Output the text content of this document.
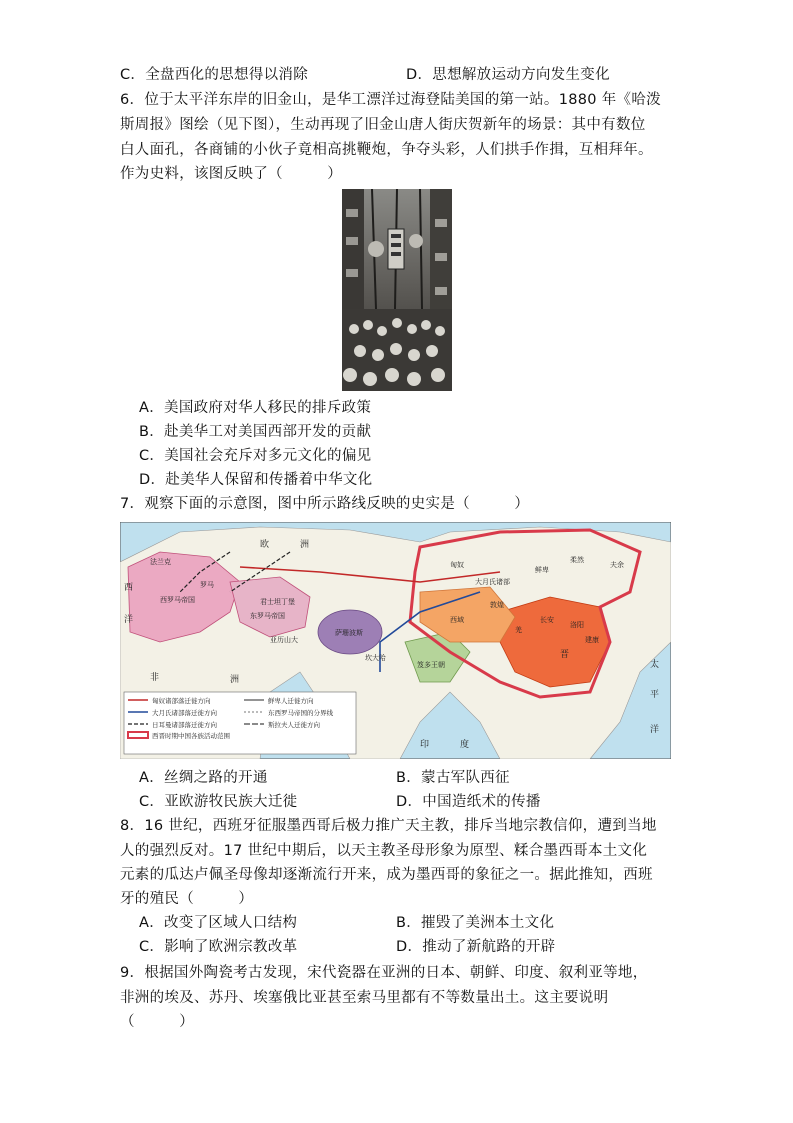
C．全盘西化的思想得以消除	D．思想解放运动方向发生变化
6．位于太平洋东岸的旧金山，是华工漂洋过海登陆美国的第一站。1880 年《哈泼
斯周报》图绘（见下图），生动再现了旧金山唐人街庆贺新年的场景：其中有数位
白人面孔，各商铺的小伙子竟相高挑鞭炮，争夺头彩，人们拱手作揖，互相拜年。
作为史料，该图反映了（　　　）
A．美国政府对华人移民的排斥政策
B．赴美华工对美国西部开发的贡献
C．美国社会充斥对多元文化的偏见
D．赴美华人保留和传播着中华文化
7．观察下面的示意图，图中所示路线反映的史实是（　　　）
欧	洲
非	洲
西
洋
法兰克
西罗马帝国
罗马
君士坦丁堡
东罗马帝国
亚历山大
萨珊波斯
坎大哈
笈多王朝
匈奴
鲜卑
柔然
夫余
西域
敦煌
长安
洛阳
建康
晋
羌
印	度
太
平
洋
大月氏诸部
匈奴诸部落迁徙方向
大月氏诸部落迁徙方向
日耳曼诸部落迁徙方向
西晋时期中国各族活动范围
鲜卑人迁徙方向
东西罗马帝国的分界线
斯拉夫人迁徙方向
A．丝绸之路的开通	B．蒙古军队西征
C．亚欧游牧民族大迁徙	D．中国造纸术的传播
8．16 世纪，西班牙征服墨西哥后极力推广天主教，排斥当地宗教信仰，遭到当地
人的强烈反对。17 世纪中期后，以天主教圣母形象为原型、糅合墨西哥本土文化
元素的瓜达卢佩圣母像却逐渐流行开来，成为墨西哥的象征之一。据此推知，西班
牙的殖民（　　　）
A．改变了区域人口结构	B．摧毁了美洲本土文化
C．影响了欧洲宗教改革	D．推动了新航路的开辟
9．根据国外陶瓷考古发现，宋代瓷器在亚洲的日本、朝鲜、印度、叙利亚等地，
非洲的埃及、苏丹、埃塞俄比亚甚至索马里都有不等数量出土。这主要说明
（　　　）
